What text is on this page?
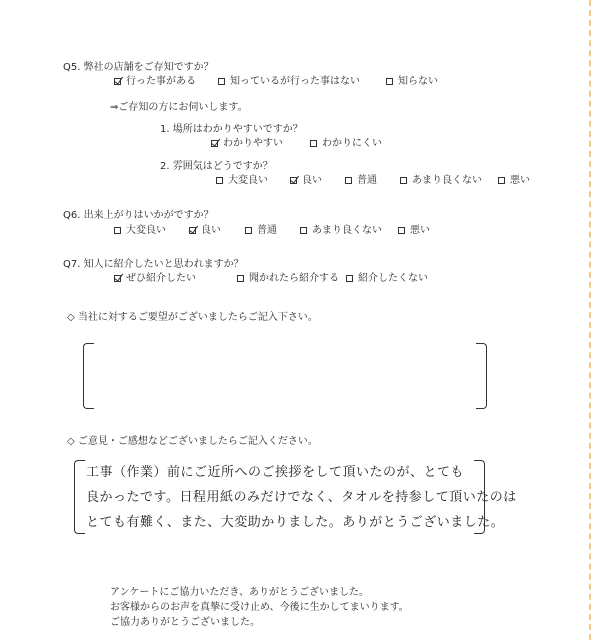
Q5. 弊社の店舗をご存知ですか？
行った事がある	知っているが行った事はない	知らない
⇒ご存知の方にお伺いします。
1. 場所はわかりやすいですか？
わかりやすい	わかりにくい
2. 雰囲気はどうですか？
大変良い	良い	普通	あまり良くない	悪い
Q6. 出来上がりはいかがですか？
大変良い	良い	普通	あまり良くない	悪い
Q7. 知人に紹介したいと思われますか？
ぜひ紹介したい	聞かれたら紹介する	紹介したくない
◇ 当社に対するご要望がございましたらご記入下さい。
◇ ご意見・ご感想などございましたらご記入ください。
工事（作業）前にご近所へのご挨拶をして頂いたのが、とても
良かったです。日程用紙のみだけでなく、タオルを持参して頂いたのは
とても有難く、また、大変助かりました。ありがとうございました。
アンケートにご協力いただき、ありがとうございました。
お客様からのお声を真摯に受け止め、今後に生かしてまいります。
ご協力ありがとうございました。
